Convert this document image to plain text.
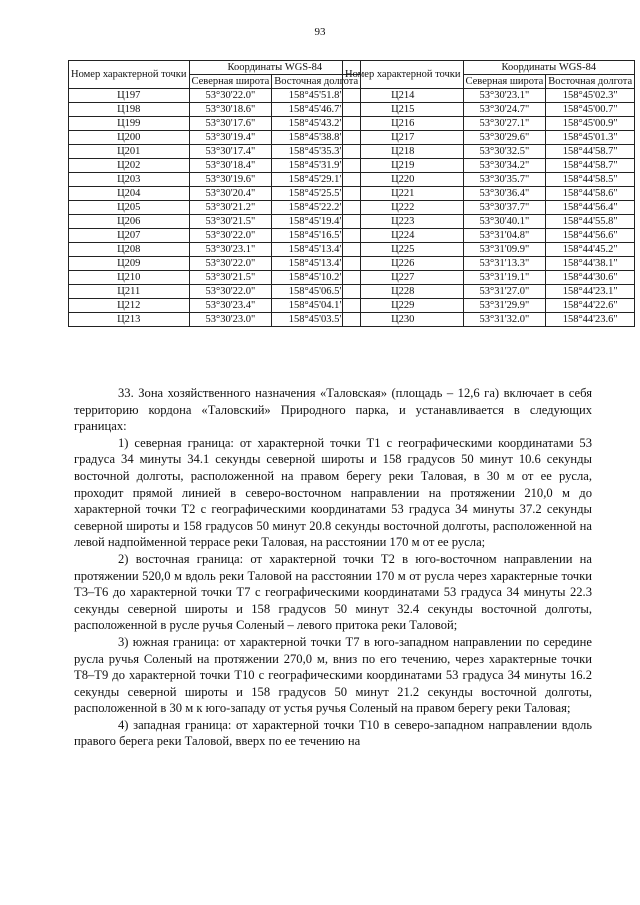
93
Номер характерной точки	Координаты WGS-84	
	Северная широта	Восточная долгота
Ц197	53°30'22.0"	158°45'51.8"
Ц198	53°30'18.6"	158°45'46.7"
Ц199	53°30'17.6"	158°45'43.2"
Ц200	53°30'19.4"	158°45'38.8"
Ц201	53°30'17.4"	158°45'35.3"
Ц202	53°30'18.4"	158°45'31.9"
Ц203	53°30'19.6"	158°45'29.1"
Ц204	53°30'20.4"	158°45'25.5"
Ц205	53°30'21.2"	158°45'22.2"
Ц206	53°30'21.5"	158°45'19.4"
Ц207	53°30'22.0"	158°45'16.5"
Ц208	53°30'23.1"	158°45'13.4"
Ц209	53°30'22.0"	158°45'13.4"
Ц210	53°30'21.5"	158°45'10.2"
Ц211	53°30'22.0"	158°45'06.5"
Ц212	53°30'23.4"	158°45'04.1"
Ц213	53°30'23.0"	158°45'03.5"
Номер характерной точки	Координаты WGS-84	
	Северная широта	Восточная долгота
Ц214	53°30'23.1"	158°45'02.3"
Ц215	53°30'24.7"	158°45'00.7"
Ц216	53°30'27.1"	158°45'00.9"
Ц217	53°30'29.6"	158°45'01.3"
Ц218	53°30'32.5"	158°44'58.7"
Ц219	53°30'34.2"	158°44'58.7"
Ц220	53°30'35.7"	158°44'58.5"
Ц221	53°30'36.4"	158°44'58.6"
Ц222	53°30'37.7"	158°44'56.4"
Ц223	53°30'40.1"	158°44'55.8"
Ц224	53°31'04.8"	158°44'56.6"
Ц225	53°31'09.9"	158°44'45.2"
Ц226	53°31'13.3"	158°44'38.1"
Ц227	53°31'19.1"	158°44'30.6"
Ц228	53°31'27.0"	158°44'23.1"
Ц229	53°31'29.9"	158°44'22.6"
Ц230	53°31'32.0"	158°44'23.6"

33. Зона хозяйственного назначения «Таловская» (площадь – 12,6 га) включает в себя территорию кордона «Таловский» Природного парка, и устанавливается в следующих границах:

1) северная граница: от характерной точки Т1 с географическими координатами 53 градуса 34 минуты 34.1 секунды северной широты и 158 градусов 50 минут 10.6 секунды восточной долготы, расположенной на правом берегу реки Таловая, в 30 м от ее русла, проходит прямой линией в северо-восточном направлении на протяжении 210,0 м до характерной точки Т2 с географическими координатами 53 градуса 34 минуты 37.2 секунды северной широты и 158 градусов 50 минут 20.8 секунды восточной долготы, расположенной на левой надпойменной террасе реки Таловая, на расстоянии 170 м от ее русла;

2) восточная граница: от характерной точки Т2 в юго-восточном направлении на протяжении 520,0 м вдоль реки Таловой на расстоянии 170 м от русла через характерные точки Т3–Т6 до характерной точки Т7 с географическими координатами 53 градуса 34 минуты 22.3 секунды северной широты и 158 градусов 50 минут 32.4 секунды восточной долготы, расположенной в русле ручья Соленый – левого притока реки Таловой;

3) южная граница: от характерной точки Т7 в юго-западном направлении по середине русла ручья Соленый на протяжении 270,0 м, вниз по его течению, через характерные точки Т8–Т9 до характерной точки Т10 с географическими координатами 53 градуса 34 минуты 16.2 секунды северной широты и 158 градусов 50 минут 21.2 секунды восточной долготы, расположенной в 30 м к юго-западу от устья ручья Соленый на правом берегу реки Таловая;

4) западная граница: от характерной точки Т10 в северо-западном направлении вдоль правого берега реки Таловой, вверх по ее течению на
